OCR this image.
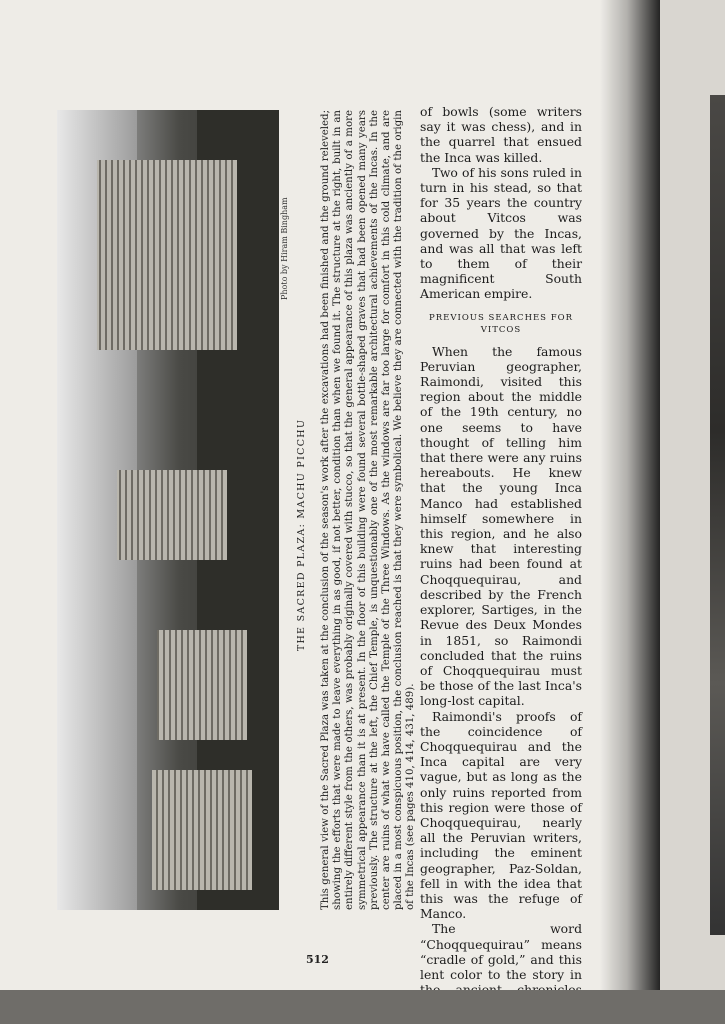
Photo by Hiram Bingham
THE SACRED PLAZA: MACHU PICCHU This general view of the Sacred Plaza was taken at the conclusion of the season's work after the excavations had been finished and the ground releveled; showing the efforts that were made to leave everything in as good, if not better, condition than when we found it. The structure at the right, built in an entirely different style from the others, was probably originally covered with stucco, so that the general appearance of this plaza was anciently of a more symmetrical appearance than it is at present. In the floor of this building were found several bottle-shaped graves that had been opened many years previously. The structure at the left, the Chief Temple, is unquestionably one of the most remarkable architectural achievements of the Incas. In the center are ruins of what we have called the Temple of the Three Windows. As the windows are far too large for comfort in this cold climate, and are placed in a most conspicuous position, the conclusion reached is that they were symbolical. We believe they are connected with the tradition of the origin of the Incas (see pages 410, 414, 431, 489).

of bowls (some writers say it was chess), and in the quarrel that ensued the Inca was killed.

Two of his sons ruled in turn in his stead, so that for 35 years the country about Vitcos was governed by the Incas, and was all that was left to them of their magnificent South American empire.

PREVIOUS SEARCHES FOR VITCOS

When the famous Peruvian geographer, Raimondi, visited this region about the middle of the 19th century, no one seems to have thought of telling him that there were any ruins hereabouts. He knew that the young Inca Manco had established himself somewhere in this region, and he also knew that interesting ruins had been found at Choqquequirau, and described by the French explorer, Sartiges, in the Revue des Deux Mondes in 1851, so Raimondi concluded that the ruins of Choqquequirau must be those of the last Inca's long-lost capital.

Raimondi's proofs of the coincidence of Choqquequirau and the Inca capital are very vague, but as long as the only ruins reported from this region were those of Choqquequirau, nearly all the Peruvian writers, including the eminent geographer, Paz-Soldan, fell in with the idea that this was the refuge of Manco.

The word “Choqquequirau” means “cradle of gold,” and this lent color to the story in

512
